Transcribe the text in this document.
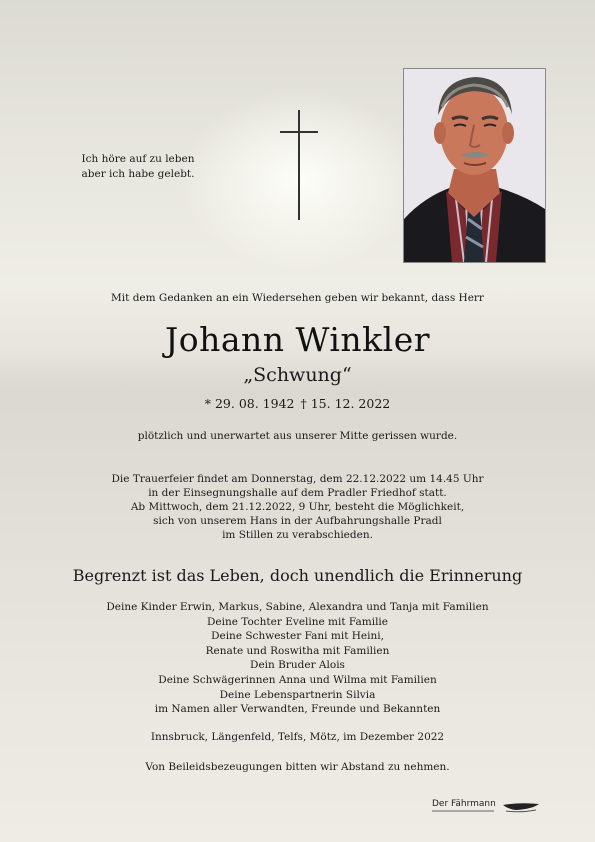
Ich höre auf zu leben
aber ich habe gelebt.
Mit dem Gedanken an ein Wiedersehen geben wir bekannt, dass Herr
Johann Winkler
„Schwung“
* 29. 08. 1942 † 15. 12. 2022
plötzlich und unerwartet aus unserer Mitte gerissen wurde.
Die Trauerfeier findet am Donnerstag, dem 22.12.2022 um 14.45 Uhr
in der Einsegnungshalle auf dem Pradler Friedhof statt.
Ab Mittwoch, dem 21.12.2022, 9 Uhr, besteht die Möglichkeit,
sich von unserem Hans in der Aufbahrungshalle Pradl
im Stillen zu verabschieden.
Begrenzt ist das Leben, doch unendlich die Erinnerung
Deine Kinder Erwin, Markus, Sabine, Alexandra und Tanja mit Familien
Deine Tochter Eveline mit Familie
Deine Schwester Fani mit Heini,
Renate und Roswitha mit Familien
Dein Bruder Alois
Deine Schwägerinnen Anna und Wilma mit Familien
Deine Lebenspartnerin Silvia
im Namen aller Verwandten, Freunde und Bekannten
Innsbruck, Längenfeld, Telfs, Mötz, im Dezember 2022
Von Beileidsbezeugungen bitten wir Abstand zu nehmen.
Der Fährmann
